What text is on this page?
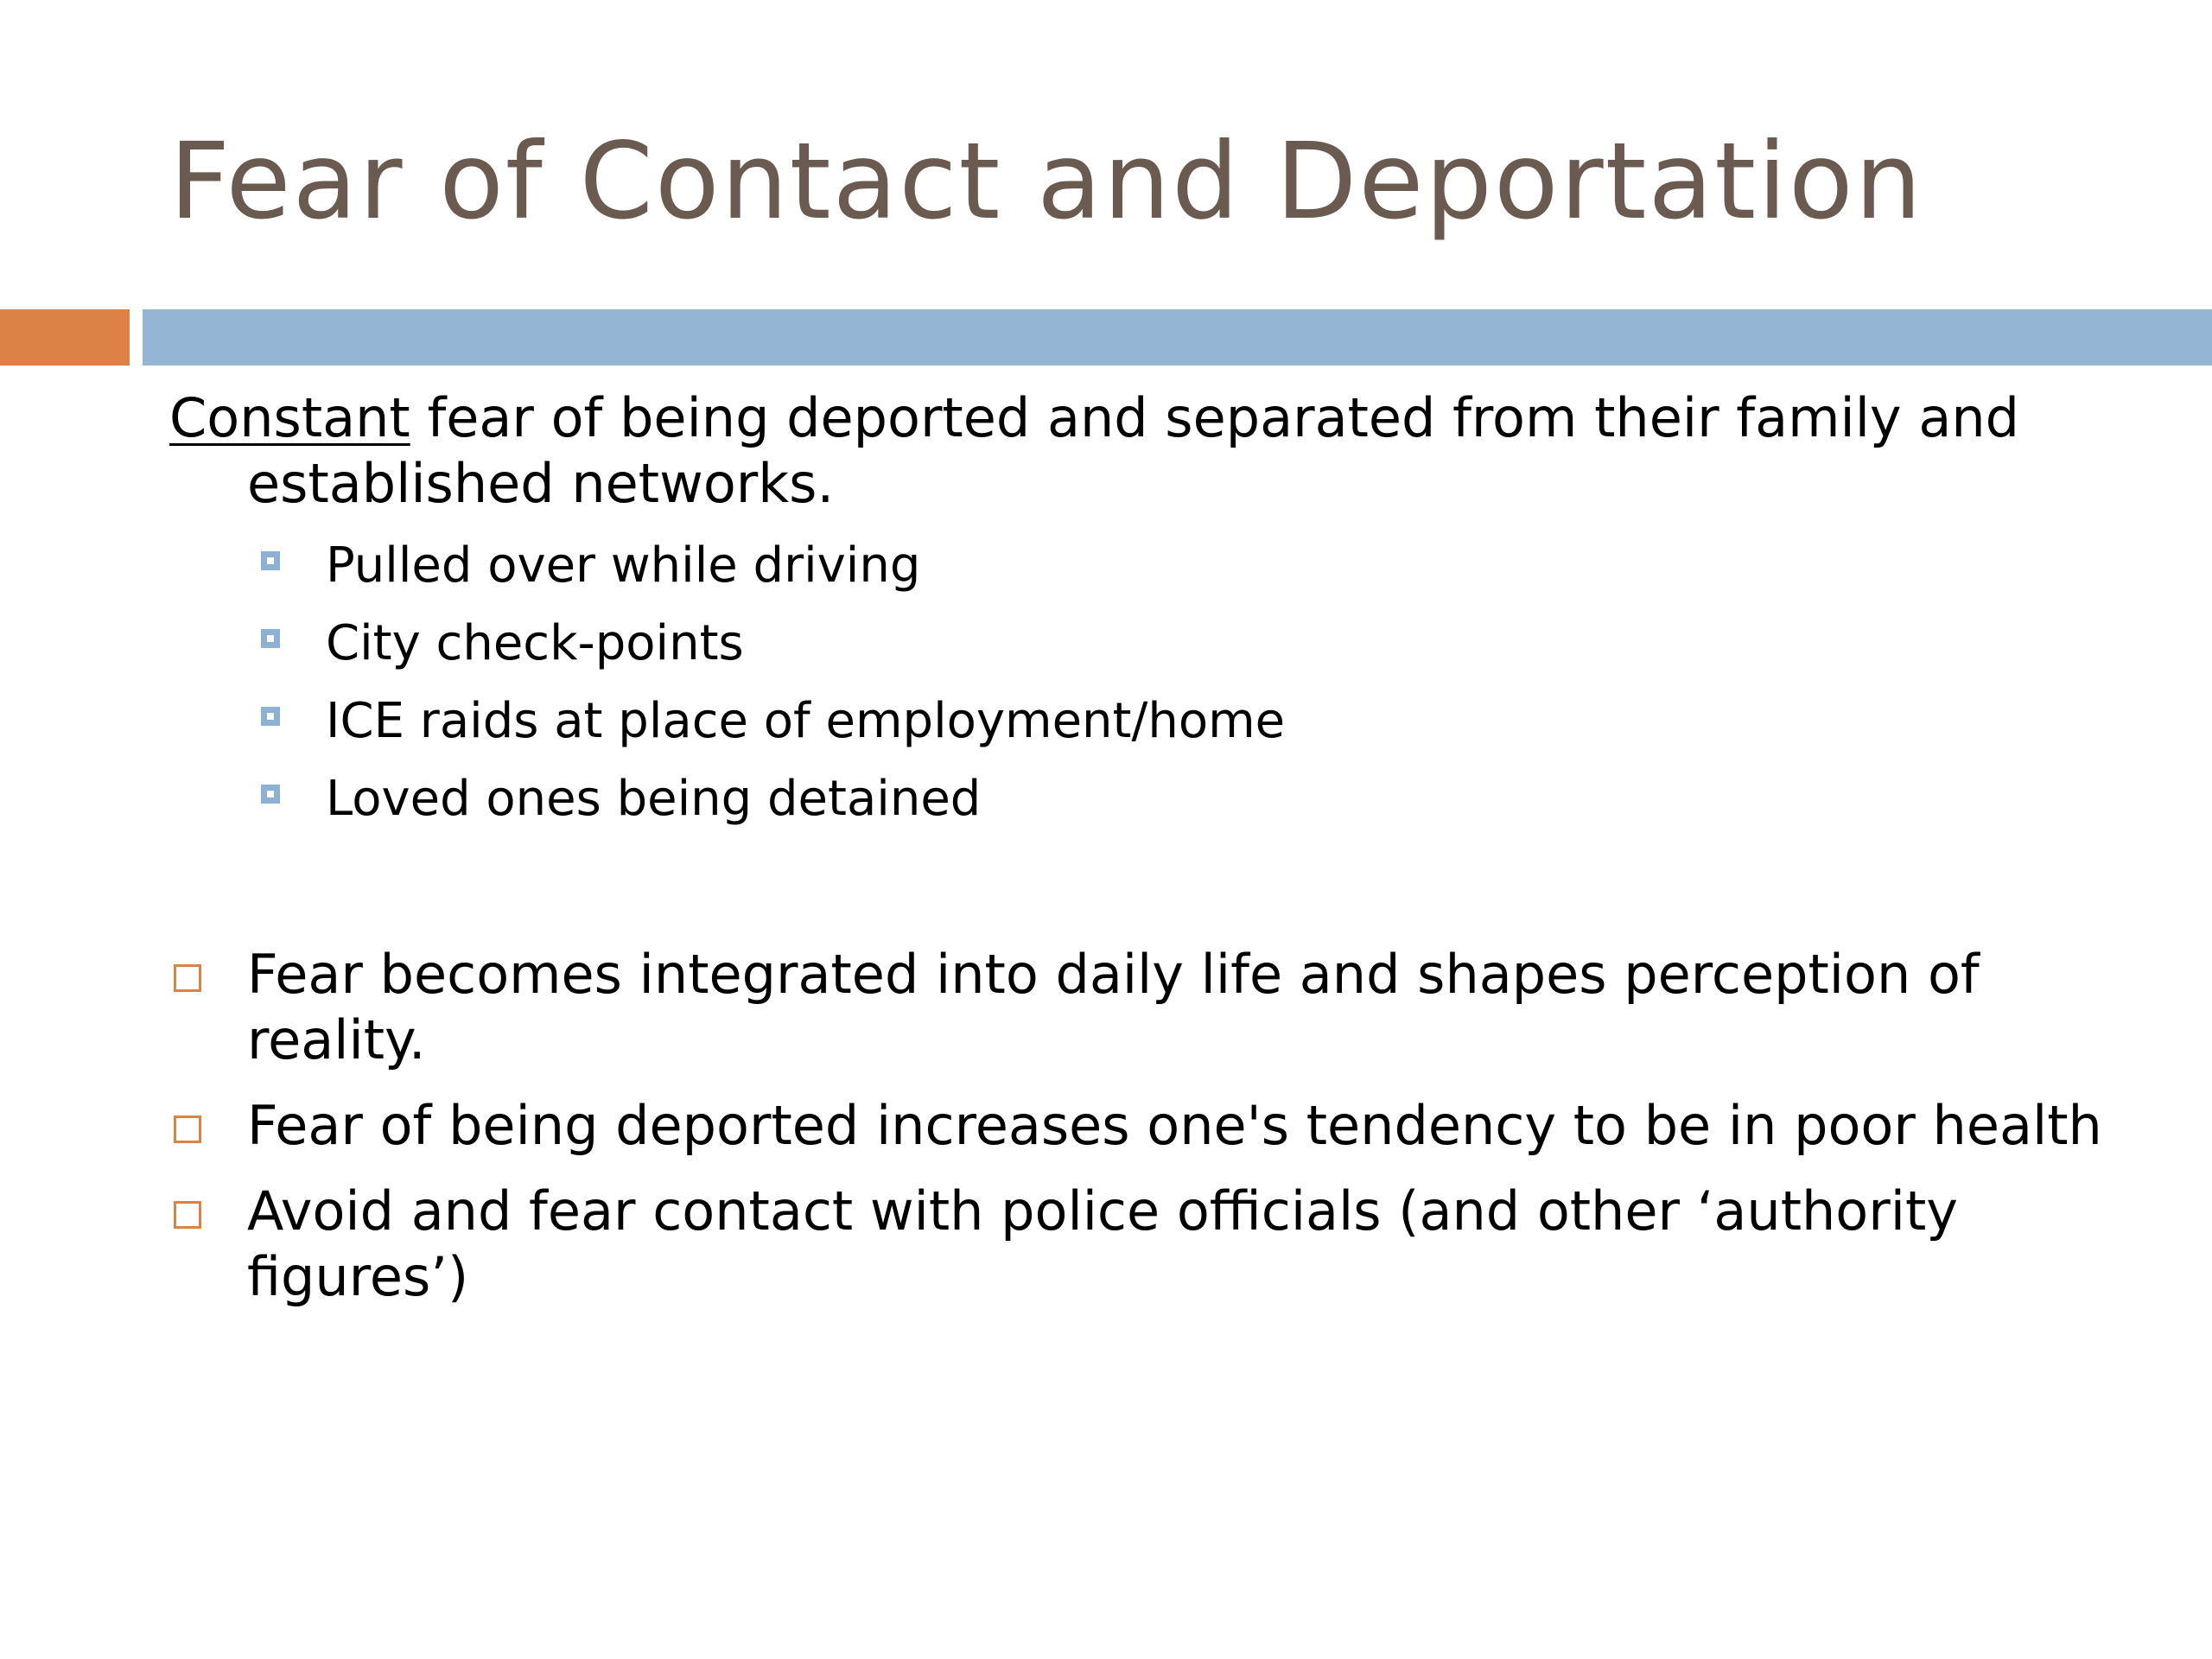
Fear of Contact and Deportation

Constant fear of being deported and separated from their family and established networks.

Pulled over while driving
City check-points
ICE raids at place of employment/home
Loved ones being detained
Fear becomes integrated into daily life and shapes perception of reality.
Fear of being deported increases one's tendency to be in poor health
Avoid and fear contact with police officials (and other ‘authority figures’)
